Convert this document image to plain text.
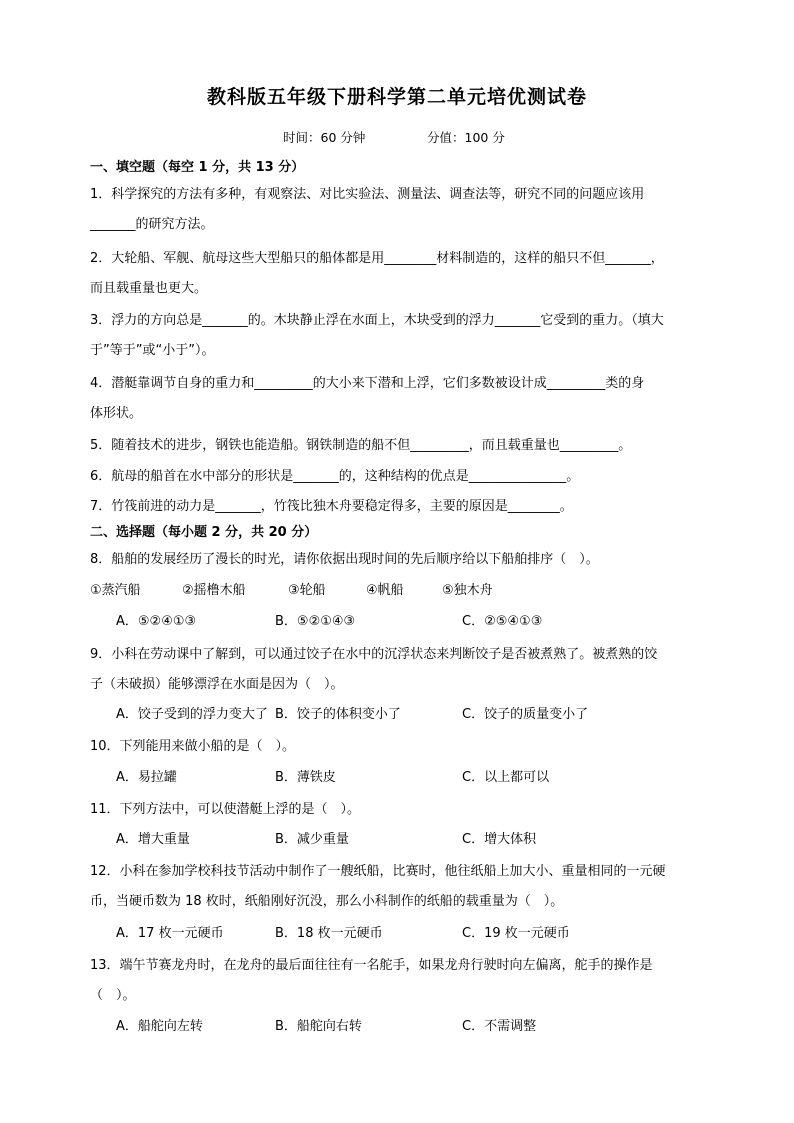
教科版五年级下册科学第二单元培优测试卷
时间：60 分钟	分值：100 分
一、填空题（每空 1 分，共 13 分）
1．科学探究的方法有多种，有观察法、对比实验法、测量法、调查法等，研究不同的问题应该用
_______的研究方法。
2．大轮船、军舰、航母这些大型船只的船体都是用________材料制造的，这样的船只不但_______，
而且载重量也更大。
3．浮力的方向总是_______的。木块静止浮在水面上，木块受到的浮力_______它受到的重力。（填大
于”等于”或“小于”）。
4．潜艇靠调节自身的重力和_________的大小来下潜和上浮，它们多数被设计成_________类的身
体形状。
5．随着技术的进步，钢铁也能造船。钢铁制造的船不但_________，而且载重量也_________。
6．航母的船首在水中部分的形状是_______的，这种结构的优点是_______________。
7．竹筏前进的动力是_______，竹筏比独木舟要稳定得多，主要的原因是________。
二、选择题（每小题 2 分，共 20 分）
8．船舶的发展经历了漫长的时光，请你依据出现时间的先后顺序给以下船舶排序（　）。
①蒸汽船	②摇橹木船	③轮船	④帆船	⑤独木舟
A．⑤②④①③	B．⑤②①④③	C．②⑤④①③
9．小科在劳动课中了解到，可以通过饺子在水中的沉浮状态来判断饺子是否被煮熟了。被煮熟的饺
子（未破损）能够漂浮在水面是因为（　）。
A．饺子受到的浮力变大了 B．饺子的体积变小了	C．饺子的质量变小了
10．下列能用来做小船的是（　）。
A．易拉罐	B．薄铁皮	C．以上都可以
11．下列方法中，可以使潜艇上浮的是（　）。
A．增大重量	B．减少重量	C．增大体积
12．小科在参加学校科技节活动中制作了一艘纸船，比赛时，他往纸船上加大小、重量相同的一元硬
币，当硬币数为 18 枚时，纸船刚好沉没，那么小科制作的纸船的载重量为（　）。
A．17 枚一元硬币	B．18 枚一元硬币	C．19 枚一元硬币
13．端午节赛龙舟时，在龙舟的最后面往往有一名舵手，如果龙舟行驶时向左偏离，舵手的操作是
（　）。
A．船舵向左转	B．船舵向右转	C．不需调整
